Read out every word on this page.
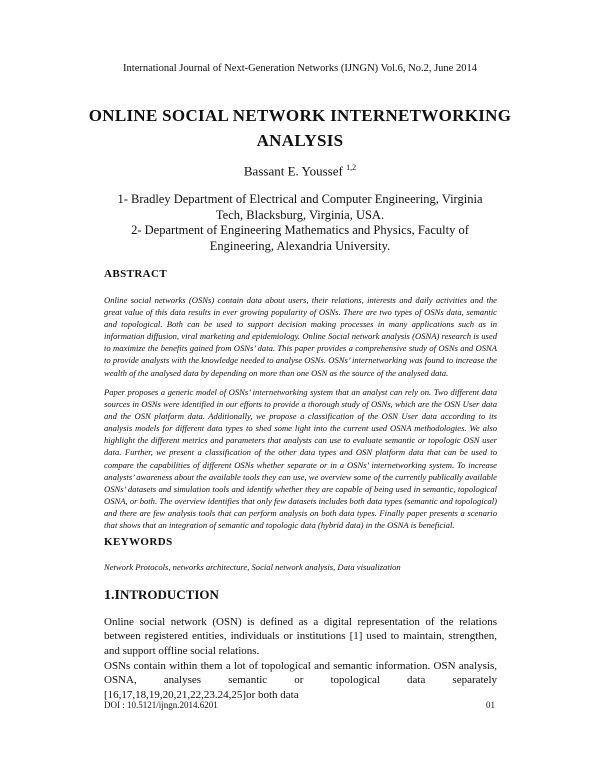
International Journal of Next-Generation Networks (IJNGN) Vol.6, No.2, June 2014
ONLINE SOCIAL NETWORK INTERNETWORKING
ANALYSIS
Bassant E. Youssef $^{1,2}$
1- Bradley Department of Electrical and Computer Engineering, Virginia Tech, Blacksburg, Virginia, USA.
2- Department of Engineering Mathematics and Physics, Faculty of Engineering, Alexandria University.
ABSTRACT
Online social networks (OSNs) contain data about users, their relations, interests and daily activities and the great value of this data results in ever growing popularity of OSNs. There are two types of OSNs data, semantic and topological. Both can be used to support decision making processes in many applications such as in information diffusion, viral marketing and epidemiology. Online Social network analysis (OSNA) research is used to maximize the benefits gained from OSNs’ data. This paper provides a comprehensive study of OSNs and OSNA to provide analysts with the knowledge needed to analyse OSNs. OSNs’ internetworking was found to increase the wealth of the analysed data by depending on more than one OSN as the source of the analysed data.
Paper proposes a generic model of OSNs’ internetworking system that an analyst can rely on. Two different data sources in OSNs were identified in our efforts to provide a thorough study of OSNs, which are the OSN User data and the OSN platform data. Additionally, we propose a classification of the OSN User data according to its analysis models for different data types to shed some light into the current used OSNA methodologies. We also highlight the different metrics and parameters that analysts can use to evaluate semantic or topologic OSN user data. Further, we present a classification of the other data types and OSN platform data that can be used to compare the capabilities of different OSNs whether separate or in a OSNs’ internetworking system. To increase analysts’ awareness about the available tools they can use, we overview some of the currently publically available OSNs’ datasets and simulation tools and identify whether they are capable of being used in semantic, topological OSNA, or both. The overview identifies that only few datasets includes both data types (semantic and topological) and there are few analysis tools that can perform analysis on both data types. Finally paper presents a scenario that shows that an integration of semantic and topologic data (hybrid data) in the OSNA is beneficial.
KEYWORDS
Network Protocols, networks architecture, Social network analysis, Data visualization
1.INTRODUCTION
Online social network (OSN) is defined as a digital representation of the relations between registered entities, individuals or institutions [1] used to maintain, strengthen, and support offline social relations.
OSNs contain within them a lot of topological and semantic information. OSN analysis, OSNA, analyses semantic or topological data separately [16,17,18,19,20,21,22,23.24,25]or both data
DOI : 10.5121/ijngn.2014.6201	01
